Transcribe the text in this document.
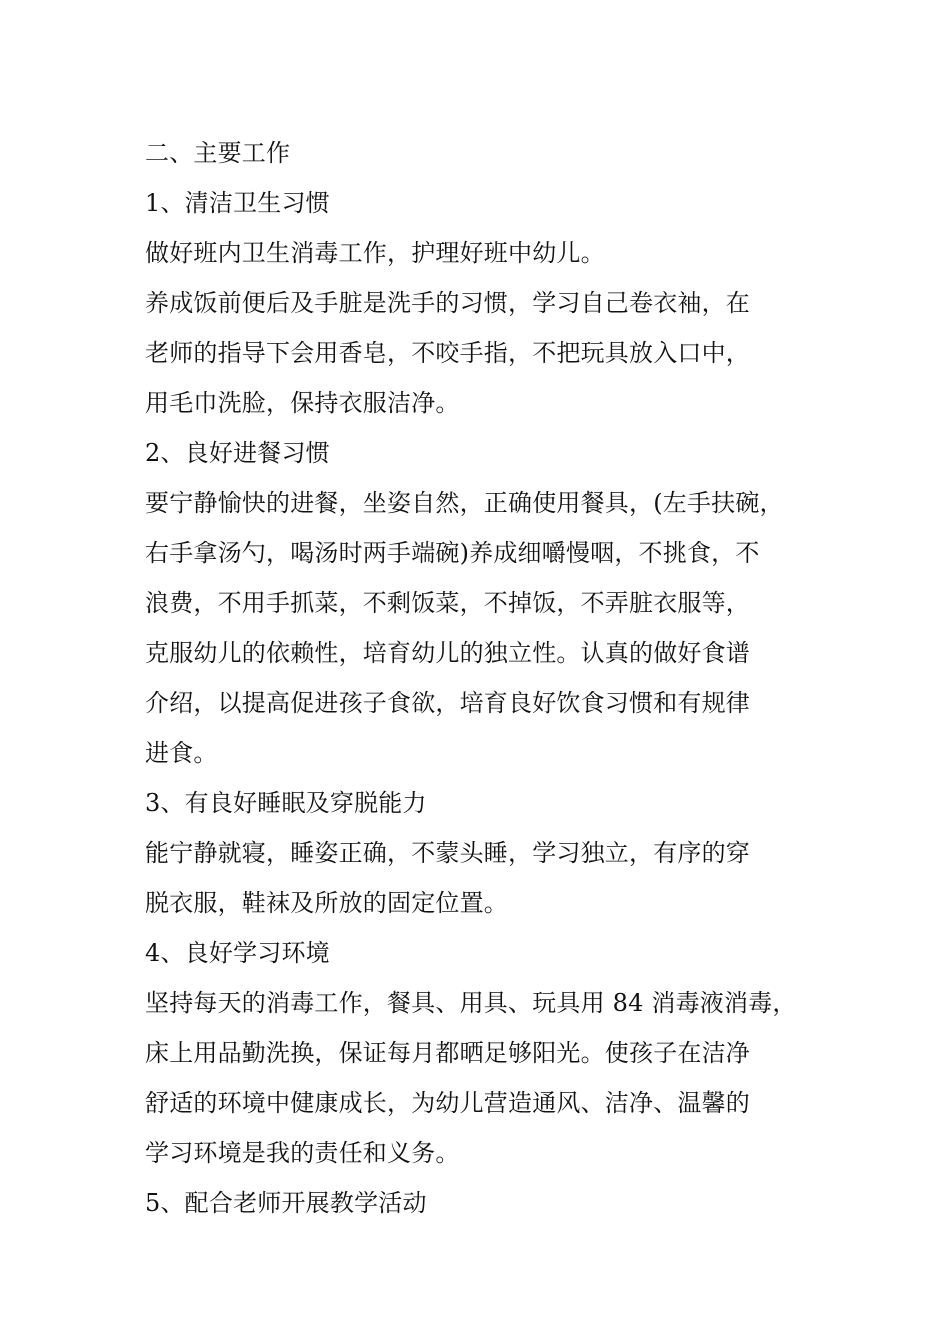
二、主要工作
1、清洁卫生习惯
做好班内卫生消毒工作，护理好班中幼儿。
养成饭前便后及手脏是洗手的习惯，学习自己卷衣袖，在
老师的指导下会用香皂，不咬手指，不把玩具放入口中，
用毛巾洗脸，保持衣服洁净。
2、良好进餐习惯
要宁静愉快的进餐，坐姿自然，正确使用餐具，(左手扶碗，
右手拿汤勺，喝汤时两手端碗)养成细嚼慢咽，不挑食，不
浪费，不用手抓菜，不剩饭菜，不掉饭，不弄脏衣服等，
克服幼儿的依赖性，培育幼儿的独立性。认真的做好食谱
介绍，以提高促进孩子食欲，培育良好饮食习惯和有规律
进食。
3、有良好睡眠及穿脱能力
能宁静就寝，睡姿正确，不蒙头睡，学习独立，有序的穿
脱衣服，鞋袜及所放的固定位置。
4、良好学习环境
坚持每天的消毒工作，餐具、用具、玩具用 84 消毒液消毒，
床上用品勤洗换，保证每月都晒足够阳光。使孩子在洁净
舒适的环境中健康成长，为幼儿营造通风、洁净、温馨的
学习环境是我的责任和义务。
5、配合老师开展教学活动
